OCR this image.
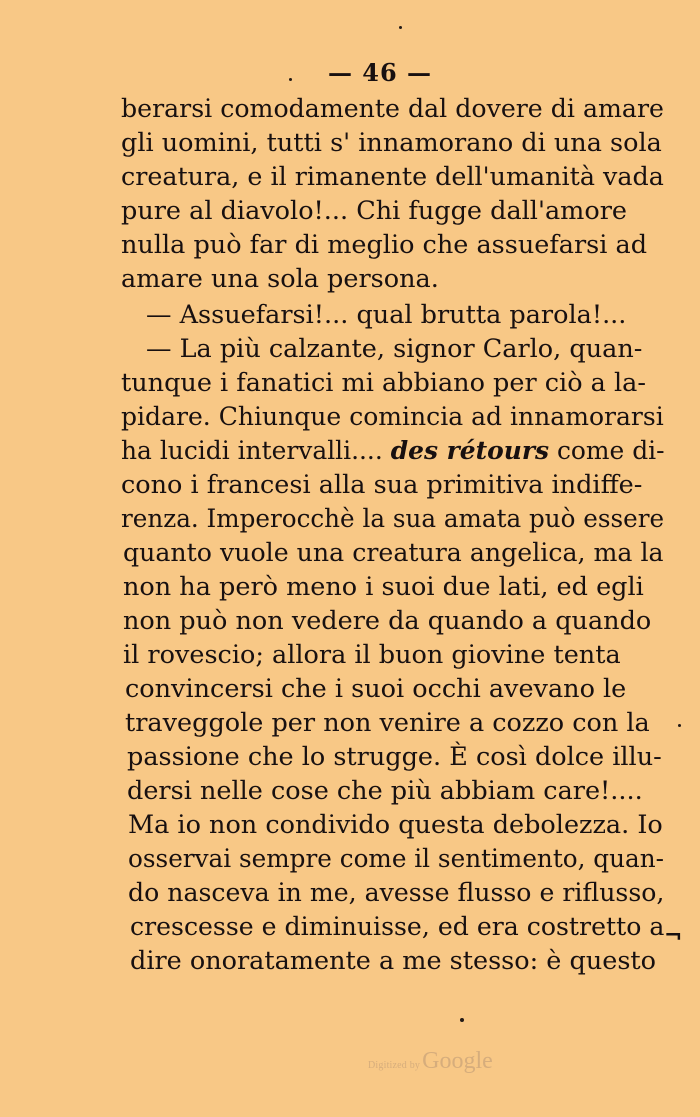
— 46 —
berarsi comodamente dal dovere di amare
gli uomini, tutti s' innamorano di una sola
creatura, e il rimanente dell'umanità vada
pure al diavolo!... Chi fugge dall'amore
nulla può far di meglio che assuefarsi ad
amare una sola persona.
— Assuefarsi!... qual brutta parola!...
— La più calzante, signor Carlo, quan-
tunque i fanatici mi abbiano per ciò a la-
pidare. Chiunque comincia ad innamorarsi
ha lucidi intervalli.... des rétours come di-
cono i francesi alla sua primitiva indiffe-
renza. Imperocchè la sua amata può essere
quanto vuole una creatura angelica, ma la
non ha però meno i suoi due lati, ed egli
non può non vedere da quando a quando
il rovescio; allora il buon giovine tenta
convincersi che i suoi occhi avevano le
traveggole per non venire a cozzo con la
passione che lo strugge. È così dolce illu-
dersi nelle cose che più abbiam care!....
Ma io non condivido questa debolezza. Io
osservai sempre come il sentimento, quan-
do nasceva in me, avesse flusso e riflusso,
crescesse e diminuisse, ed era costretto a
dire onoratamente a me stesso: è questo
¬
Digitized byGoogle
